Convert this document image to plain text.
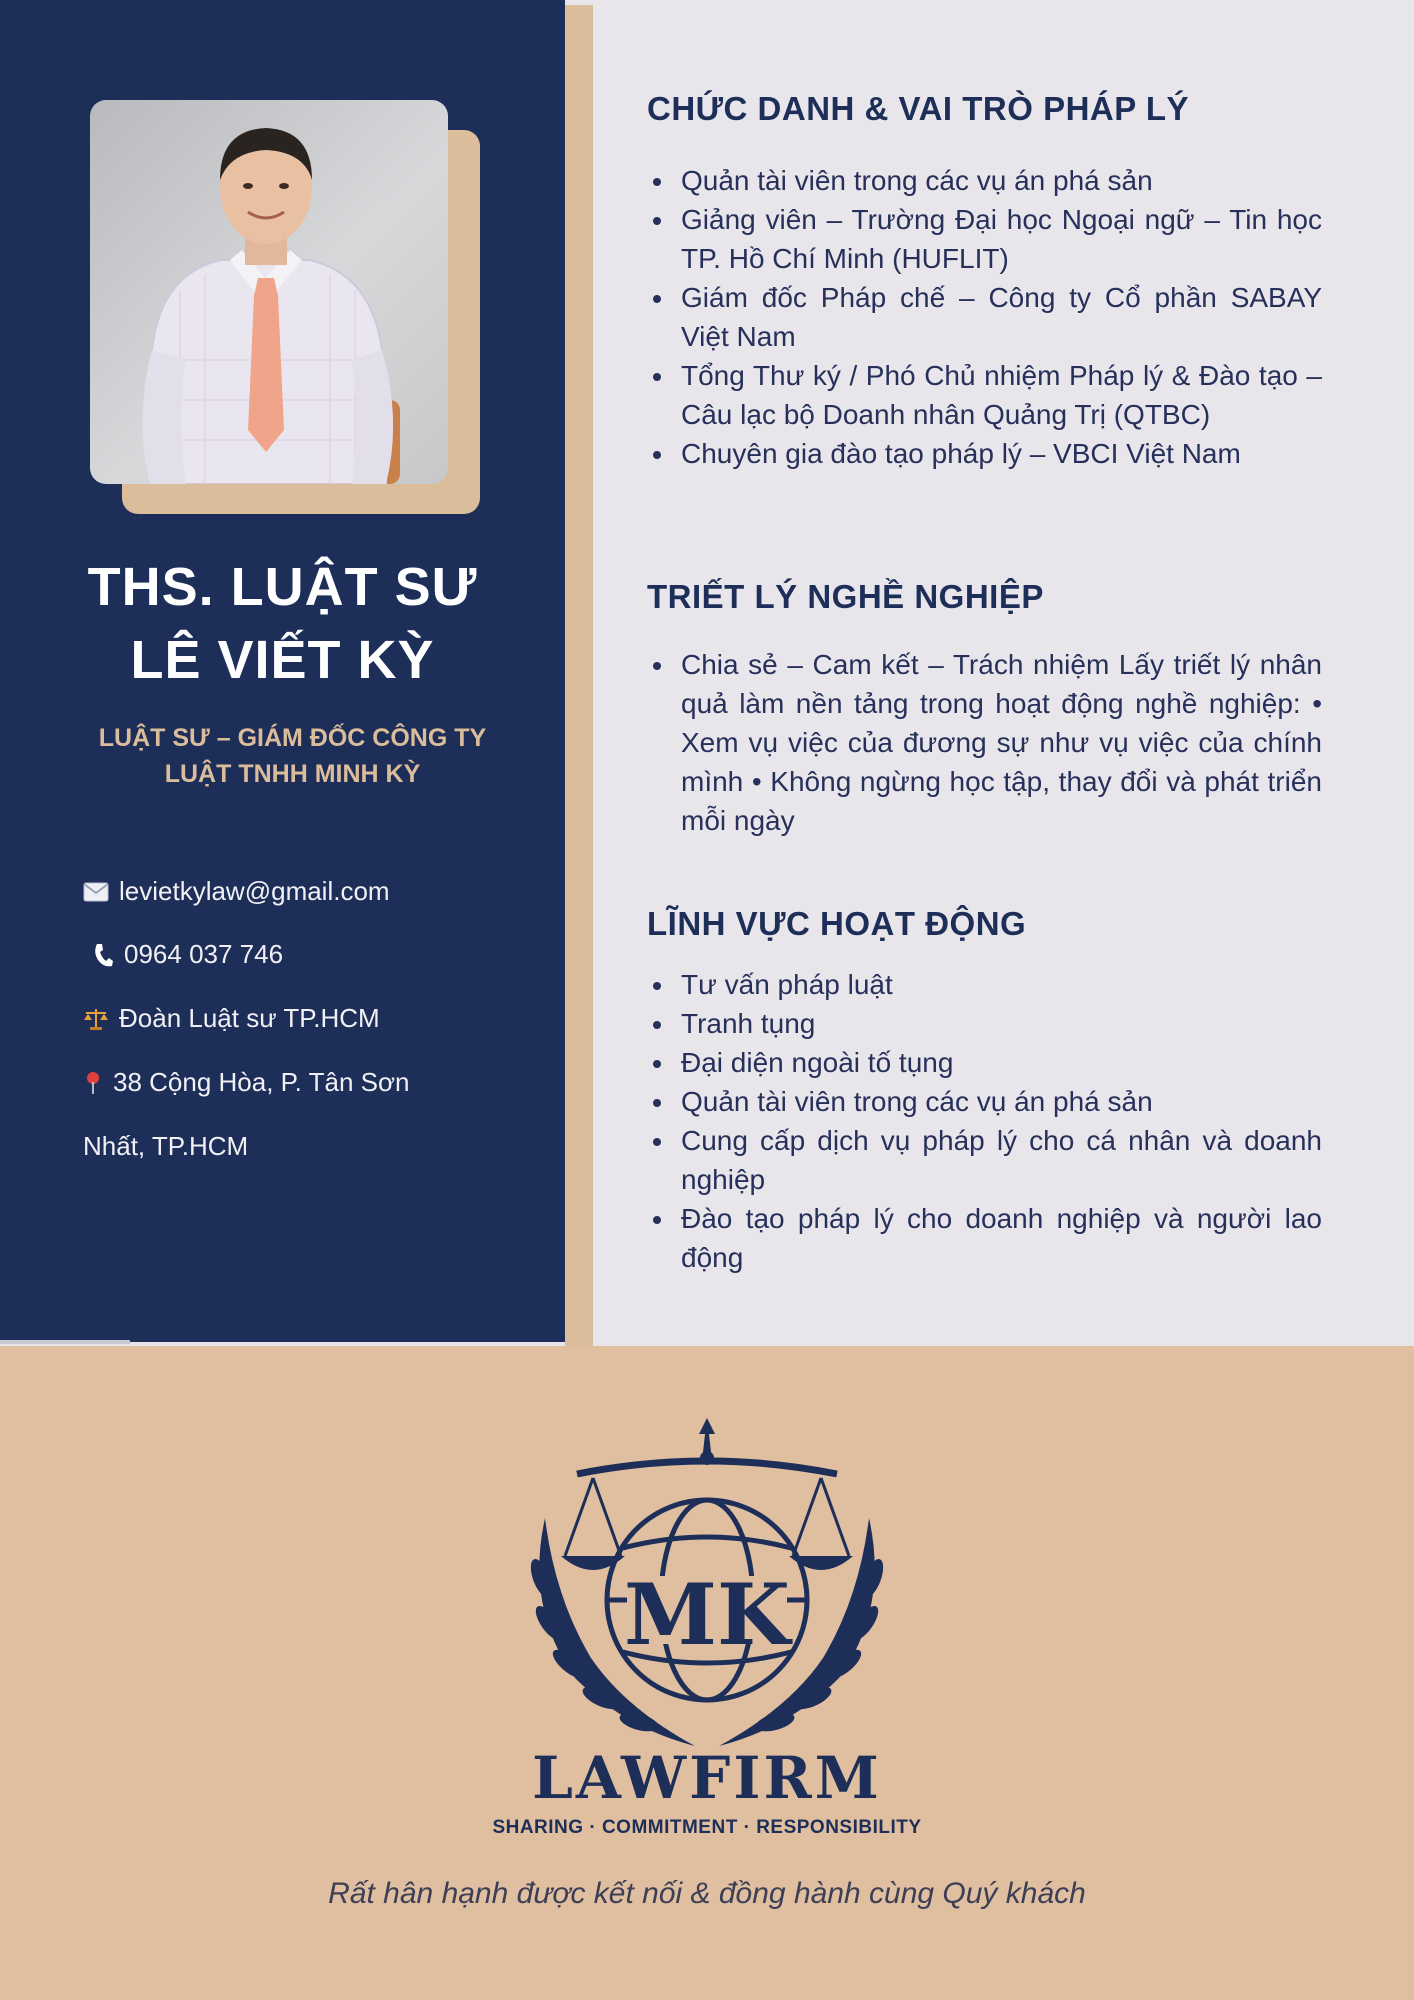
THS. LUẬT SƯ
LÊ VIẾT KỲ
LUẬT SƯ – GIÁM ĐỐC CÔNG TY
LUẬT TNHH MINH KỲ
levietkylaw@gmail.com
0964 037 746
Đoàn Luật sư TP.HCM
38 Cộng Hòa, P. Tân Sơn
Nhất, TP.HCM
CHỨC DANH & VAI TRÒ PHÁP LÝ
Quản tài viên trong các vụ án phá sản
Giảng viên – Trường Đại học Ngoại ngữ – Tin học TP. Hồ Chí Minh (HUFLIT)
Giám đốc Pháp chế – Công ty Cổ phần SABAY Việt Nam
Tổng Thư ký / Phó Chủ nhiệm Pháp lý & Đào tạo – Câu lạc bộ Doanh nhân Quảng Trị (QTBC)
Chuyên gia đào tạo pháp lý – VBCI Việt Nam
TRIẾT LÝ NGHỀ NGHIỆP
Chia sẻ – Cam kết – Trách nhiệm Lấy triết lý nhân quả làm nền tảng trong hoạt động nghề nghiệp: • Xem vụ việc của đương sự như vụ việc của chính mình • Không ngừng học tập, thay đổi và phát triển mỗi ngày
LĨNH VỰC HOẠT ĐỘNG
Tư vấn pháp luật
Tranh tụng
Đại diện ngoài tố tụng
Quản tài viên trong các vụ án phá sản
Cung cấp dịch vụ pháp lý cho cá nhân và doanh nghiệp
Đào tạo pháp lý cho doanh nghiệp và người lao động
MK
LAWFIRM
SHARING · COMMITMENT · RESPONSIBILITY
Rất hân hạnh được kết nối & đồng hành cùng Quý khách
